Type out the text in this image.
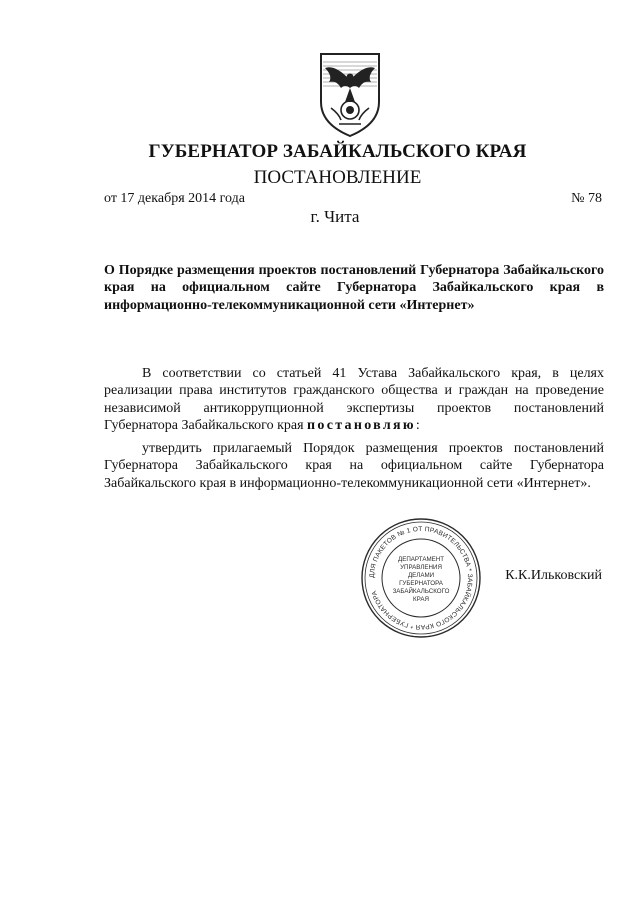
ГУБЕРНАТОР ЗАБАЙКАЛЬСКОГО КРАЯ
ПОСТАНОВЛЕНИЕ
от 17 декабря 2014 года	№ 78
г. Чита
О Порядке размещения проектов постановлений Губернатора Забайкальского края на официальном сайте Губернатора Забайкальского края в информационно-телекоммуникационной сети «Интернет»

В соответствии со статьей 41 Устава Забайкальского края, в целях реализации права институтов гражданского общества и граждан на проведение независимой антикоррупционной экспертизы проектов постановлений Губернатора Забайкальского края постановляю:

утвердить прилагаемый Порядок размещения проектов постановлений Губернатора Забайкальского края на официальном сайте Губернатора Забайкальского края в информационно-телекоммуникационной сети «Интернет».

ДЛЯ ПАКЕТОВ № 1 ОТ ПРАВИТЕЛЬСТВА * ЗАБАЙКАЛЬСКОГО КРАЯ * ГУБЕРНАТОРА
ДЕПАРТАМЕНТ
УПРАВЛЕНИЯ
ДЕЛАМИ
ГУБЕРНАТОРА
ЗАБАЙКАЛЬСКОГО
КРАЯ
К.К.Ильковский
